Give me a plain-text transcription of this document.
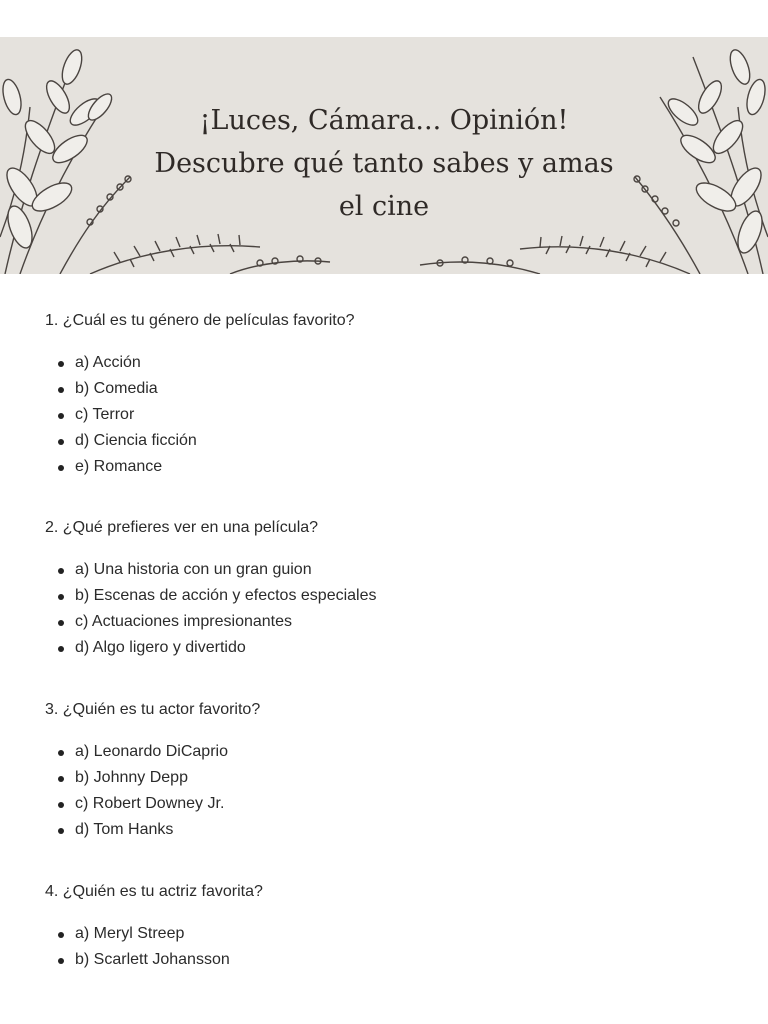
¡Luces, Cámara... Opinión!
Descubre qué tanto sabes y amas
el cine

1. ¿Cuál es tu género de películas favorito?

a) Acción
b) Comedia
c) Terror
d) Ciencia ficción
e) Romance

2. ¿Qué prefieres ver en una película?

a) Una historia con un gran guion
b) Escenas de acción y efectos especiales
c) Actuaciones impresionantes
d) Algo ligero y divertido

3. ¿Quién es tu actor favorito?

a) Leonardo DiCaprio
b) Johnny Depp
c) Robert Downey Jr.
d) Tom Hanks

4. ¿Quién es tu actriz favorita?

a) Meryl Streep
b) Scarlett Johansson
